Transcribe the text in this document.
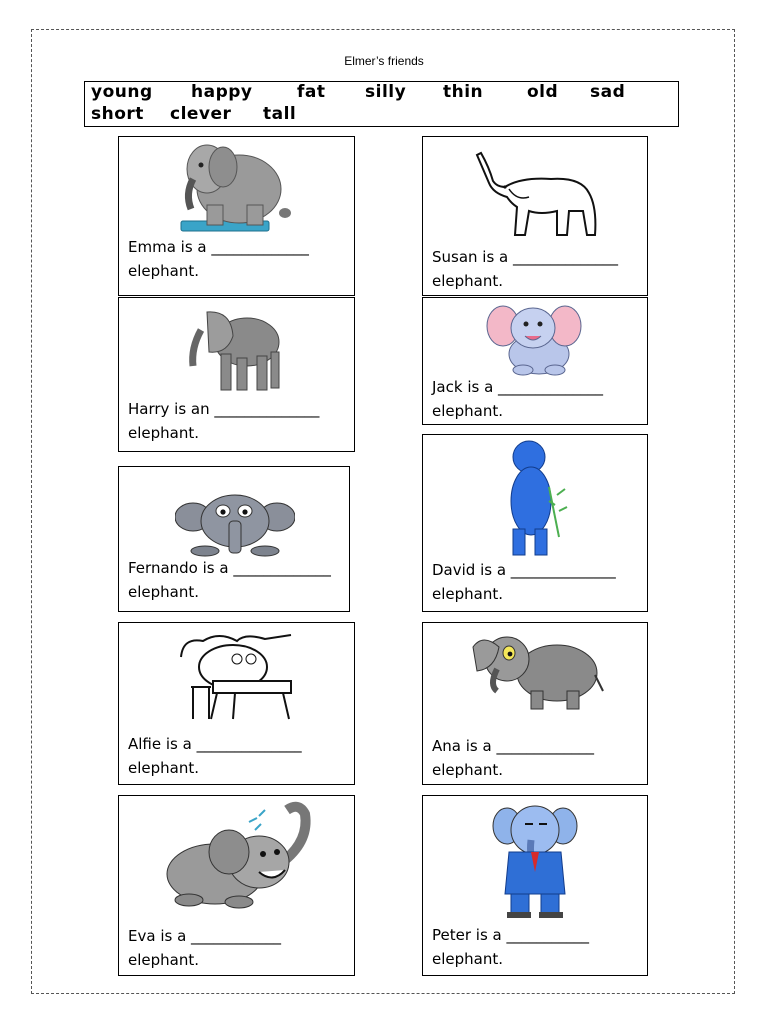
Elmer’s friends
young happy	fat silly thin	old sad
short clever tall
Emma is a _____________
elephant.
Susan is a ______________
elephant.
Harry is an ______________
elephant.
Jack is a ______________
elephant.
Fernando is a _____________
elephant.
David is a ______________
elephant.
Alfie is a ______________
elephant.
Ana is a _____________
elephant.
Eva is a ____________
elephant.
Peter is a ___________
elephant.
